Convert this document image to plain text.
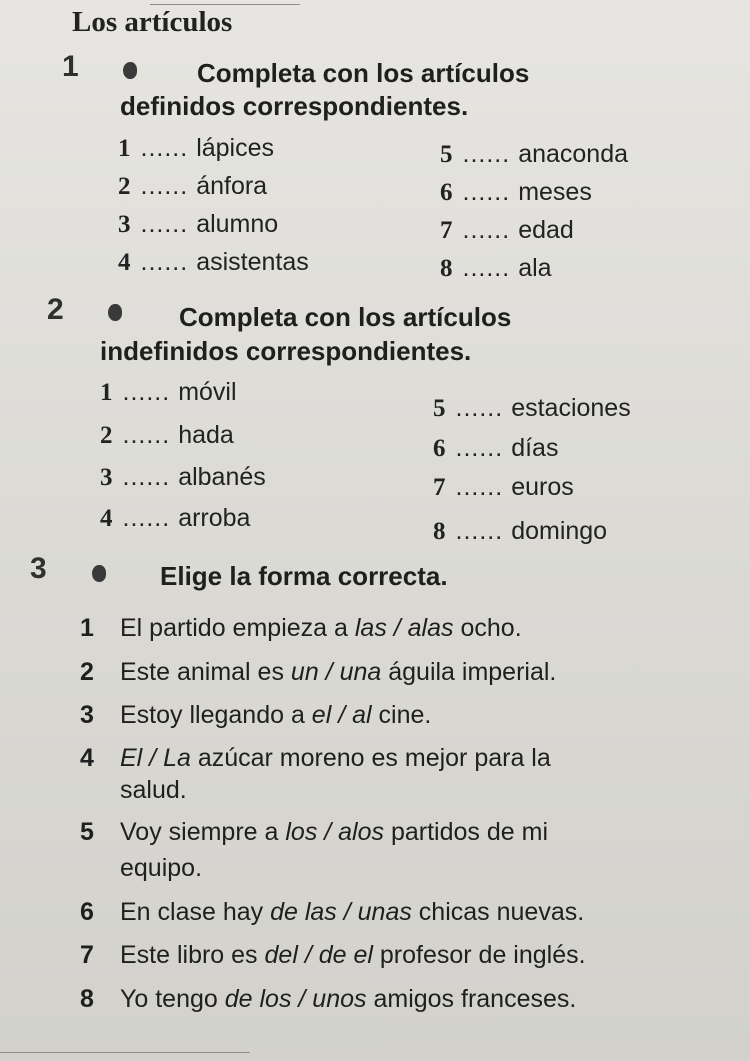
Los artículos
1	Completa con los artículos
definidos correspondientes.
1 ...... lápices
2 ...... ánfora
3 ...... alumno
4 ...... asistentas
5 ...... anaconda
6 ...... meses
7 ...... edad
8 ...... ala
2	Completa con los artículos
indefinidos correspondientes.
1 ...... móvil
2 ...... hada
3 ...... albanés
4 ...... arroba
5 ...... estaciones
6 ...... días
7 ...... euros
8 ...... domingo
3	Elige la forma correcta.
1 El partido empieza a las / alas ocho.
2 Este animal es un / una águila imperial.
3 Estoy llegando a el / al cine.
4 El / La azúcar moreno es mejor para la
salud.
5 Voy siempre a los / alos partidos de mi
equipo.
6 En clase hay de las / unas chicas nuevas.
7 Este libro es del / de el profesor de inglés.
8 Yo tengo de los / unos amigos franceses.
